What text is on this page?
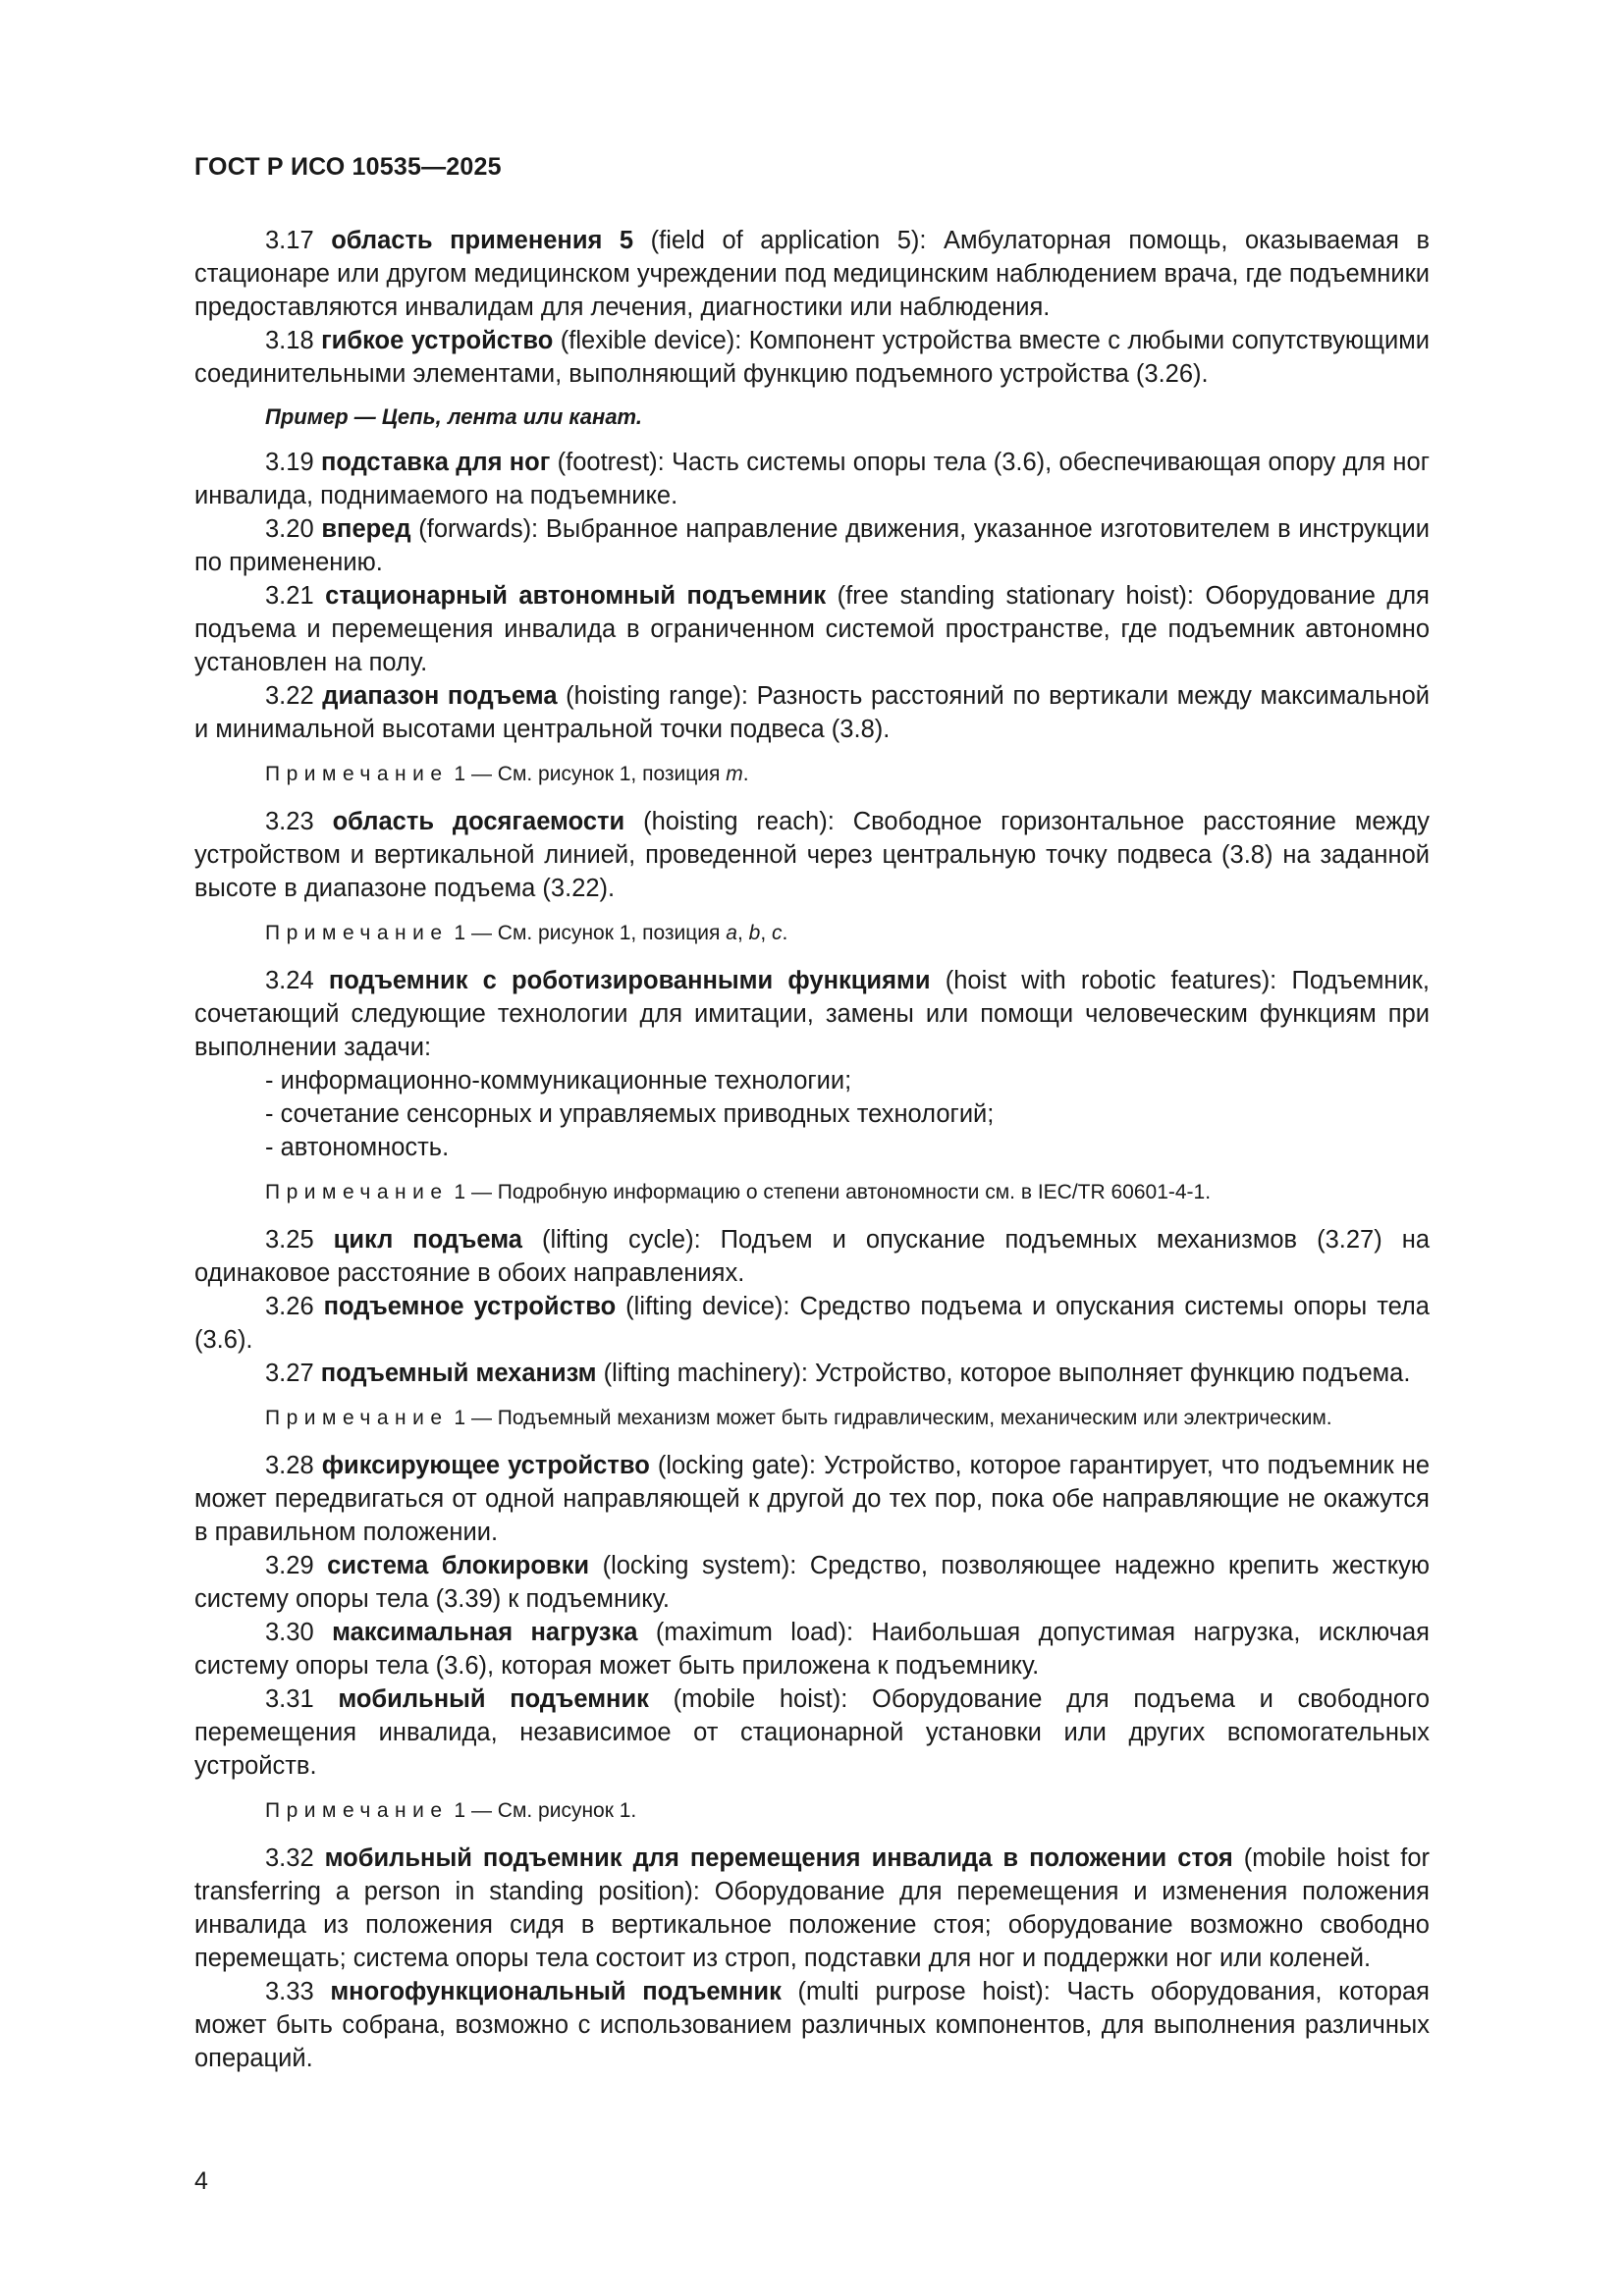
ГОСТ Р ИСО 10535—2025

3.17 область применения 5 (field of application 5): Амбулаторная помощь, оказываемая в стационаре или другом медицинском учреждении под медицинским наблюдением врача, где подъемники предоставляются инвалидам для лечения, диагностики или наблюдения.

3.18 гибкое устройство (flexible device): Компонент устройства вместе с любыми сопутствующими соединительными элементами, выполняющий функцию подъемного устройства (3.26).

Пример — Цепь, лента или канат.

3.19 подставка для ног (footrest): Часть системы опоры тела (3.6), обеспечивающая опору для ног инвалида, поднимаемого на подъемнике.

3.20 вперед (forwards): Выбранное направление движения, указанное изготовителем в инструкции по применению.

3.21 стационарный автономный подъемник (free standing stationary hoist): Оборудование для подъема и перемещения инвалида в ограниченном системой пространстве, где подъемник автономно установлен на полу.

3.22 диапазон подъема (hoisting range): Разность расстояний по вертикали между максимальной и минимальной высотами центральной точки подвеса (3.8).

Примечание 1 — См. рисунок 1, позиция m.

3.23 область досягаемости (hoisting reach): Свободное горизонтальное расстояние между устройством и вертикальной линией, проведенной через центральную точку подвеса (3.8) на заданной высоте в диапазоне подъема (3.22).

Примечание 1 — См. рисунок 1, позиция a, b, c.

3.24 подъемник с роботизированными функциями (hoist with robotic features): Подъемник, сочетающий следующие технологии для имитации, замены или помощи человеческим функциям при выполнении задачи:

- информационно-коммуникационные технологии;
- сочетание сенсорных и управляемых приводных технологий;
- автономность.
Примечание 1 — Подробную информацию о степени автономности см. в IEC/TR 60601-4-1.

3.25 цикл подъема (lifting cycle): Подъем и опускание подъемных механизмов (3.27) на одинаковое расстояние в обоих направлениях.

3.26 подъемное устройство (lifting device): Средство подъема и опускания системы опоры тела (3.6).

3.27 подъемный механизм (lifting machinery): Устройство, которое выполняет функцию подъема.

Примечание 1 — Подъемный механизм может быть гидравлическим, механическим или электрическим.

3.28 фиксирующее устройство (locking gate): Устройство, которое гарантирует, что подъемник не может передвигаться от одной направляющей к другой до тех пор, пока обе направляющие не окажутся в правильном положении.

3.29 система блокировки (locking system): Средство, позволяющее надежно крепить жесткую систему опоры тела (3.39) к подъемнику.

3.30 максимальная нагрузка (maximum load): Наибольшая допустимая нагрузка, исключая систему опоры тела (3.6), которая может быть приложена к подъемнику.

3.31 мобильный подъемник (mobile hoist): Оборудование для подъема и свободного перемещения инвалида, независимое от стационарной установки или других вспомогательных устройств.

Примечание 1 — См. рисунок 1.

3.32 мобильный подъемник для перемещения инвалида в положении стоя (mobile hoist for transferring a person in standing position): Оборудование для перемещения и изменения положения инвалида из положения сидя в вертикальное положение стоя; оборудование возможно свободно перемещать; система опоры тела состоит из строп, подставки для ног и поддержки ног или коленей.

3.33 многофункциональный подъемник (multi purpose hoist): Часть оборудования, которая может быть собрана, возможно с использованием различных компонентов, для выполнения различных операций.

4
